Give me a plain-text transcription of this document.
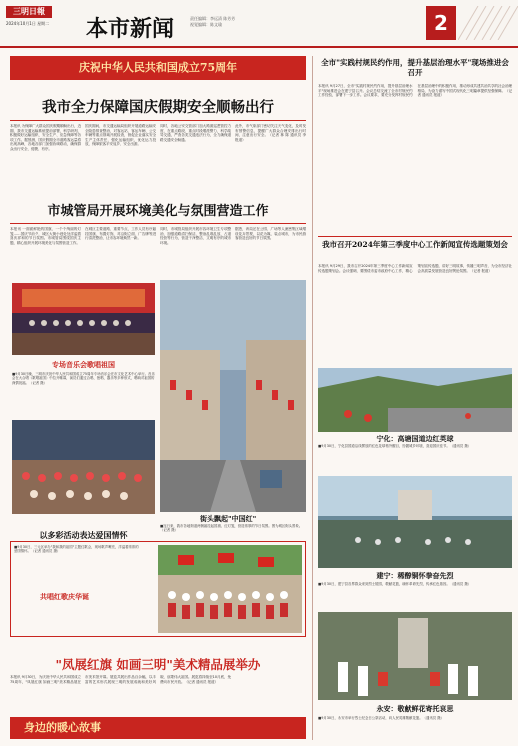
三明日報
2024年10月1日 星期二 本市新闻	责任编辑：李远清 陈芳芳
视觉编辑：陈文瑜	2
庆祝中华人民共和国成立75周年
我市全力保障国庆假期安全顺畅出行
本报讯 为保障广大群众国庆假期顺畅出行，近期，我市交通运输系统提前部署，科学研判，积极做好运输组织、安全生产、应急保障等各项工作。据预测，国庆假期全市道路客运量将出现高峰，各地各部门加强协调联动，确保群众出行安全、便捷、有序。
国庆期间，市交通运输局组织开展道路运输安全隐患排查整治，对客运站、客运车辆、公交车辆等重点领域开展检查，督促企业落实安全生产主体责任，强化运输组织，优化运力投放，保障旅客平安返乡、安全出游。
同时，各地公安交管部门加大路面巡逻管控力度，在重点路段、重点时段增派警力，科学疏导交通，严查各类交通违法行为，全力确保道路交通安全畅通。
此外，市气象部门密切关注天气变化，及时发布预警信息，提醒广大群众合理安排出行时间，注意出行安全。（记者 林 陈 通讯员 李 报道）
市城管局开展环境美化与氛围营造工作
本报讯 一面面鲜艳的国旗、一个个绚丽的灯笼……国庆节前夕，城区大街小巷处处洋溢着喜庆祥和的节日氛围。市城管局围绕国庆主题，精心组织开展环境美化与氛围营造工作。
在城区主要道路、重要节点，工作人员有序悬挂国旗、布置灯饰，对沿街立面、广告牌等进行清洗整治，让市容环境焕然一新。
同时，市城管局组织开展市容环境卫生专项整治，加强道路清扫保洁，整治乱堆乱放、占道经营等行为，营造干净整洁、文明有序的城市环境。
据悉，该局还在公园、广场等人流密集区域增设花卉景观，以花为媒，装点城市，为市民游客营造良好的节日氛围。
专场音乐会歌唱祖国
■9月30日晚，三明市庆祝中华人民共和国成立75周年专场音乐会在市文化艺术中心举行。音乐会在大合唱《歌唱祖国》中拉开帷幕，演员们通过合唱、独唱、器乐等多种形式，唱响对祖国的深情祝福。（记者 摄）
街头飘起"中国红"
■连日来，我市各地街道两侧悬挂起国旗、红灯笼，营造浓厚的节日氛围。图为城区街头景象。（记者 摄）
以多彩活动表达爱国情怀
■9月30日，三元区举办"我和我的祖国"主题红歌会，现场歌声嘹亮，洋溢着浓浓的爱国情怀。（记者 通讯员 摄）
共唱红歌庆华诞
"凤展红旗 如画三明"美术精品展举办
本报讯 9月30日，为庆祝中华人民共和国成立75周年，"凤展红旗 如画三明"美术精品展在市美术馆开幕。展览共展出作品百余幅，以丰富的艺术形式展现三明的发展成就和美好风貌，讴歌伟大祖国。展览将持续至10月底，免费向市民开放。（记者 通讯员 报道）
身边的暖心故事
全市"实践村规民约作用，提升基层治理水平"现场推进会召开
本报讯 9月27日，全市"实践村规民约作用，提升基层治理水平"现场推进会在建宁县召开。会议总结交流了全市村规民约工作经验，部署下一步工作。会议要求，要充分发挥村规民约在基层治理中的积极作用，推动形成共建共治共享的社会治理格局，为奋力谱写中国式现代化三明篇章提供坚强保障。（记者 通讯员 报道）
我市召开2024年第三季度中心工作新闻宣传选题策划会
本报讯 9月29日，我市召开2024年第三季度中心工作新闻宣传选题策划会。会议强调，要围绕市委市政府中心工作，精心策划宣传选题，讲好三明故事，传播三明声音，为全市经济社会高质量发展营造良好舆论氛围。（记者 报道）
宁化：高塘国道边红英球
■9月30日，宁化县国道沿线摆放的红色花球格外醒目，扮靓城乡环境，喜迎国庆佳节。（通讯员 摄）
建宁：稀醇铜怀拳奋先烈
■9月30日，建宁县各界群众来到烈士陵园，敬献花篮，缅怀革命先烈，传承红色基因。（通讯员 摄）
永安：敬献鲜花寄托哀思
■9月30日，永安市举行烈士纪念日公祭活动，向人民英雄敬献花篮。（通讯员 摄）
